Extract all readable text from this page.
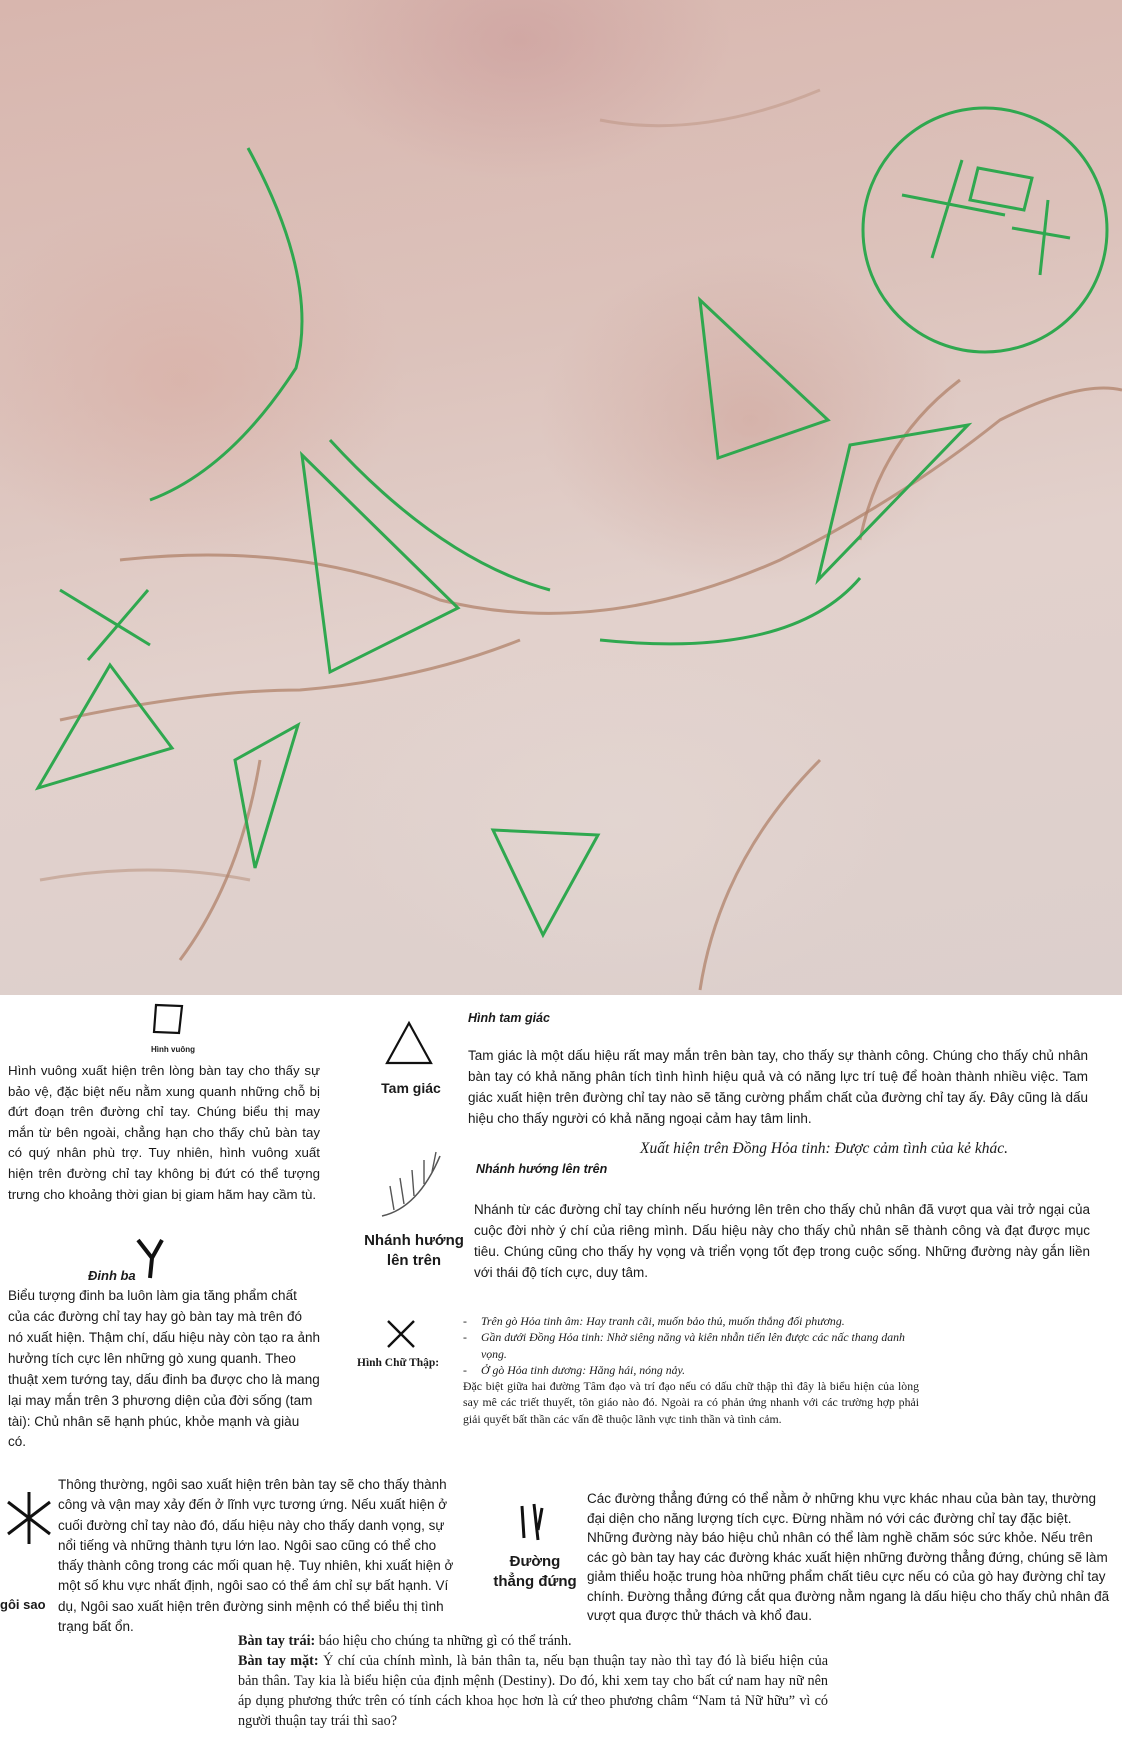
Hình vuông
Hình vuông xuất hiện trên lòng bàn tay cho thấy sự bảo vệ, đặc biệt nếu nằm xung quanh những chỗ bị đứt đoạn trên đường chỉ tay. Chúng biểu thị may mắn từ bên ngoài, chẳng hạn cho thấy chủ bàn tay có quý nhân phù trợ. Tuy nhiên, hình vuông xuất hiện trên đường chỉ tay không bị đứt có thể tượng trưng cho khoảng thời gian bị giam hãm hay cầm tù.
Đinh ba
Biểu tượng đinh ba luôn làm gia tăng phẩm chất của các đường chỉ tay hay gò bàn tay mà trên đó nó xuất hiện. Thậm chí, dấu hiệu này còn tạo ra ảnh hưởng tích cực lên những gò xung quanh. Theo thuật xem tướng tay, dấu đinh ba được cho là mang lại may mắn trên 3 phương diện của đời sống (tam tài): Chủ nhân sẽ hạnh phúc, khỏe mạnh và giàu có.
Hình tam giác
Tam giác
Tam giác là một dấu hiệu rất may mắn trên bàn tay, cho thấy sự thành công. Chúng cho thấy chủ nhân bàn tay có khả năng phân tích tình hình hiệu quả và có năng lực trí tuệ để hoàn thành nhiều việc. Tam giác xuất hiện trên đường chỉ tay nào sẽ tăng cường phẩm chất của đường chỉ tay ấy. Đây cũng là dấu hiệu cho thấy người có khả năng ngoại cảm hay tâm linh.
Xuất hiện trên Đồng Hỏa tinh: Được cảm tình của kẻ khác.
Nhánh hướng lên trên
Nhánh hướng lên trên
Nhánh từ các đường chỉ tay chính nếu hướng lên trên cho thấy chủ nhân đã vượt qua vài trở ngại của cuộc đời nhờ ý chí của riêng mình. Dấu hiệu này cho thấy chủ nhân sẽ thành công và đạt được mục tiêu. Chúng cũng cho thấy hy vọng và triển vọng tốt đẹp trong cuộc sống. Những đường này gắn liền với thái độ tích cực, duy tâm.
Hình Chữ Thập:
- Trên gò Hỏa tinh âm: Hay tranh cãi, muốn bảo thủ, muốn thắng đối phương.
- Gần dưới Đồng Hỏa tinh: Nhờ siêng năng và kiên nhẫn tiến lên được các nấc thang danh vọng.
- Ở gò Hỏa tinh dương: Hăng hái, nóng nảy.
Đặc biệt giữa hai đường Tâm đạo và trí đạo nếu có dấu chữ thập thì đây là biểu hiện của lòng say mê các triết thuyết, tôn giáo nào đó. Ngoài ra có phản ứng nhanh với các trường hợp phải giải quyết bất thần các vấn đề thuộc lãnh vực tinh thần và tình cảm.
gôi sao
Thông thường, ngôi sao xuất hiện trên bàn tay sẽ cho thấy thành công và vận may xảy đến ở lĩnh vực tương ứng. Nếu xuất hiện ở cuối đường chỉ tay nào đó, dấu hiệu này cho thấy danh vọng, sự nổi tiếng và những thành tựu lớn lao. Ngôi sao cũng có thể cho thấy thành công trong các mối quan hệ. Tuy nhiên, khi xuất hiện ở một số khu vực nhất định, ngôi sao có thể ám chỉ sự bất hạnh. Ví dụ, Ngôi sao xuất hiện trên đường sinh mệnh có thể biểu thị tình trạng bất ổn.
Đường thẳng đứng
Các đường thẳng đứng có thể nằm ở những khu vực khác nhau của bàn tay, thường đại diện cho năng lượng tích cực. Đừng nhầm nó với các đường chỉ tay đặc biệt. Những đường này báo hiệu chủ nhân có thể làm nghề chăm sóc sức khỏe. Nếu trên các gò bàn tay hay các đường khác xuất hiện những đường thẳng đứng, chúng sẽ làm giảm thiểu hoặc trung hòa những phẩm chất tiêu cực nếu có của gò hay đường chỉ tay chính. Đường thẳng đứng cắt qua đường nằm ngang là dấu hiệu cho thấy chủ nhân đã vượt qua được thử thách và khổ đau.
Bàn tay trái: báo hiệu cho chúng ta những gì có thể tránh.
Bàn tay mặt: Ý chí của chính mình, là bản thân ta, nếu bạn thuận tay nào thì tay đó là biểu hiện của bản thân. Tay kia là biểu hiện của định mệnh (Destiny). Do đó, khi xem tay cho bất cứ nam hay nữ nên áp dụng phương thức trên có tính cách khoa học hơn là cứ theo phương châm “Nam tả Nữ hữu” vì có người thuận tay trái thì sao?
